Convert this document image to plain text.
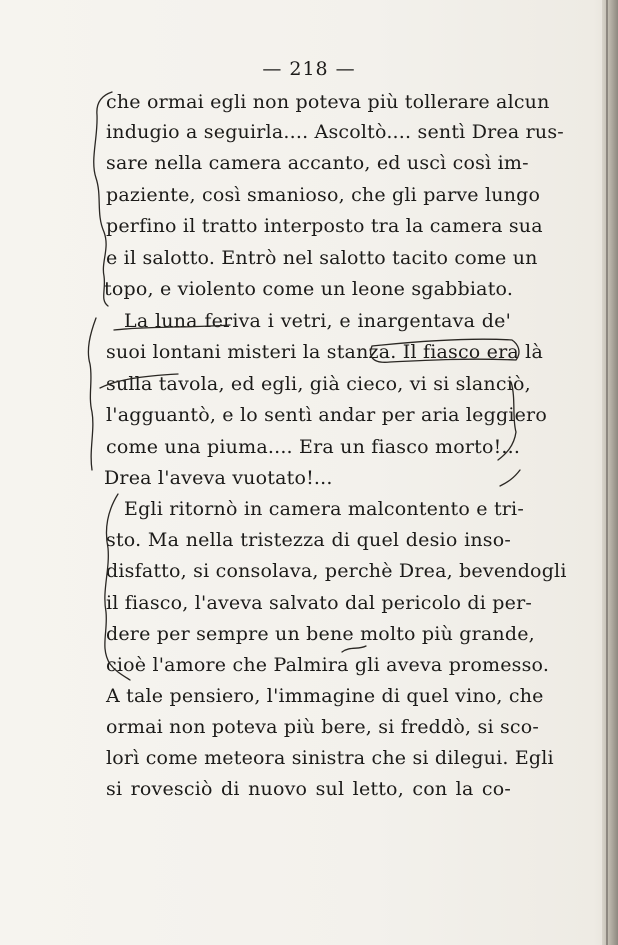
— 218 —
che ormai egli non poteva più tollerare alcun
indugio a seguirla.... Ascoltò.... sentì Drea rus-
sare nella camera accanto, ed uscì così im-
paziente, così smanioso, che gli parve lungo
perfino il tratto interposto tra la camera sua
e il salotto. Entrò nel salotto tacito come un
topo, e violento come un leone sgabbiato.
La luna feriva i vetri, e inargentava de'
suoi lontani misteri la stanza. Il fiasco era là
sulla tavola, ed egli, già cieco, vi si slanciò,
l'agguantò, e lo sentì andar per aria leggiero
come una piuma.... Era un fiasco morto!...
Drea l'aveva vuotato!...
Egli ritornò in camera malcontento e tri-
sto. Ma nella tristezza di quel desio inso-
disfatto, si consolava, perchè Drea, bevendogli
il fiasco, l'aveva salvato dal pericolo di per-
dere per sempre un bene molto più grande,
cioè l'amore che Palmira gli aveva promesso.
A tale pensiero, l'immagine di quel vino, che
ormai non poteva più bere, si freddò, si sco-
lorì come meteora sinistra che si dilegui. Egli
si rovesciò di nuovo sul letto, con la co-
